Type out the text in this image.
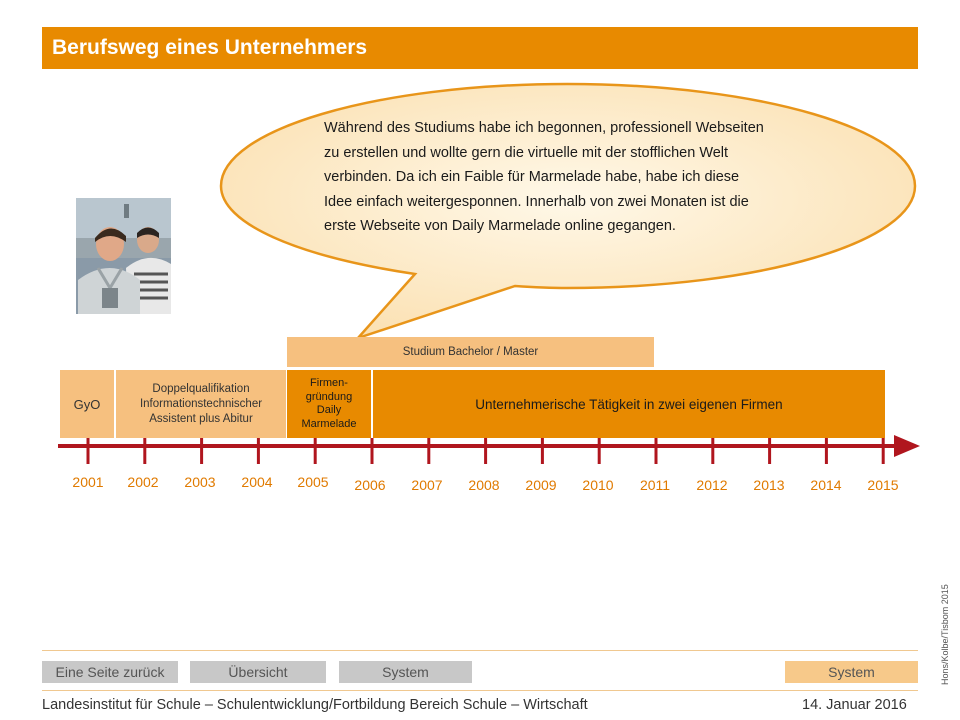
Berufsweg eines Unternehmers
Während des Studiums habe ich begonnen, professionell Webseiten
zu erstellen und wollte gern die virtuelle mit der stofflichen Welt
verbinden. Da ich ein Faible für Marmelade habe, habe ich diese
Idee einfach weitergesponnen. Innerhalb von zwei Monaten ist die
erste Webseite von Daily Marmelade online gegangen.
Studium Bachelor / Master
GyO
Doppelqualifikation
Informationstechnischer
Assistent plus Abitur
Firmen-
gründung
Daily
Marmelade
Unternehmerische Tätigkeit in zwei eigenen Firmen
2001 2002 2003 2004 2005 2006 2007 2008 2009 2010 2011 2012 2013 2014 2015
Eine Seite zurück	Übersicht	System	System
Landesinstitut für Schule – Schulentwicklung/Fortbildung Bereich Schule – Wirtschaft	14. Januar 2016
Hons/Kolbe/Tisbom 2015
